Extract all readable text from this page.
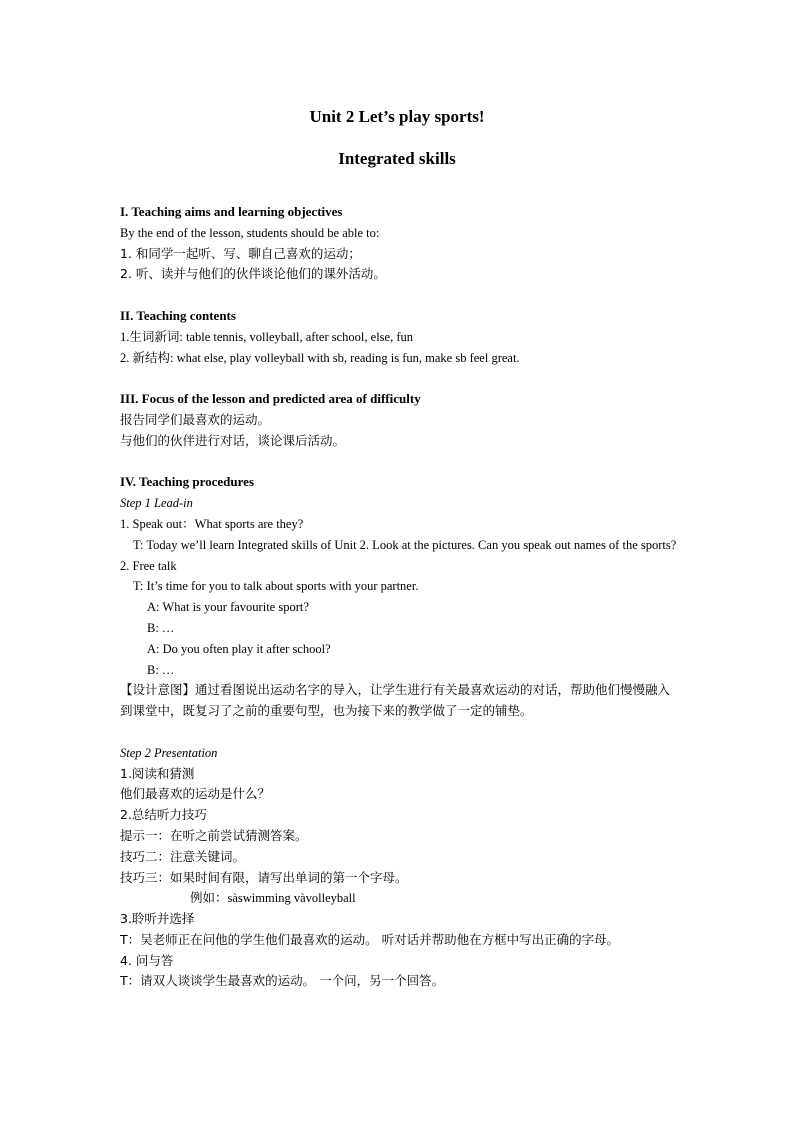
Unit 2 Let’s play sports!
Integrated skills
I. Teaching aims and learning objectives
By the end of the lesson, students should be able to:
1. 和同学一起听、写、聊自己喜欢的运动；
2. 听、读并与他们的伙伴谈论他们的课外活动。
II. Teaching contents
1.生词新词: table tennis, volleyball, after school, else, fun
2. 新结构: what else, play volleyball with sb, reading is fun, make sb feel great.
III. Focus of the lesson and predicted area of difficulty
报告同学们最喜欢的运动。
与他们的伙伴进行对话，谈论课后活动。
IV. Teaching procedures
Step 1 Lead-in
1. Speak out：What sports are they?
T: Today we’ll learn Integrated skills of Unit 2. Look at the pictures. Can you speak out names of the sports?
2. Free talk
T: It’s time for you to talk about sports with your partner.
A: What is your favourite sport?
B: …
A: Do you often play it after school?
B: …
【设计意图】通过看图说出运动名字的导入，让学生进行有关最喜欢运动的对话，帮助他们慢慢融入到课堂中，既复习了之前的重要句型，也为接下来的教学做了一定的铺垫。
Step 2 Presentation
1.阅读和猜测
他们最喜欢的运动是什么？
2.总结听力技巧
提示一：在听之前尝试猜测答案。
技巧二：注意关键词。
技巧三：如果时间有限，请写出单词的第一个字母。
例如：sàswimming vàvolleyball
3.聆听并选择
T：吴老师正在问他的学生他们最喜欢的运动。 听对话并帮助他在方框中写出正确的字母。
4. 问与答
T：请双人谈谈学生最喜欢的运动。 一个问，另一个回答。
